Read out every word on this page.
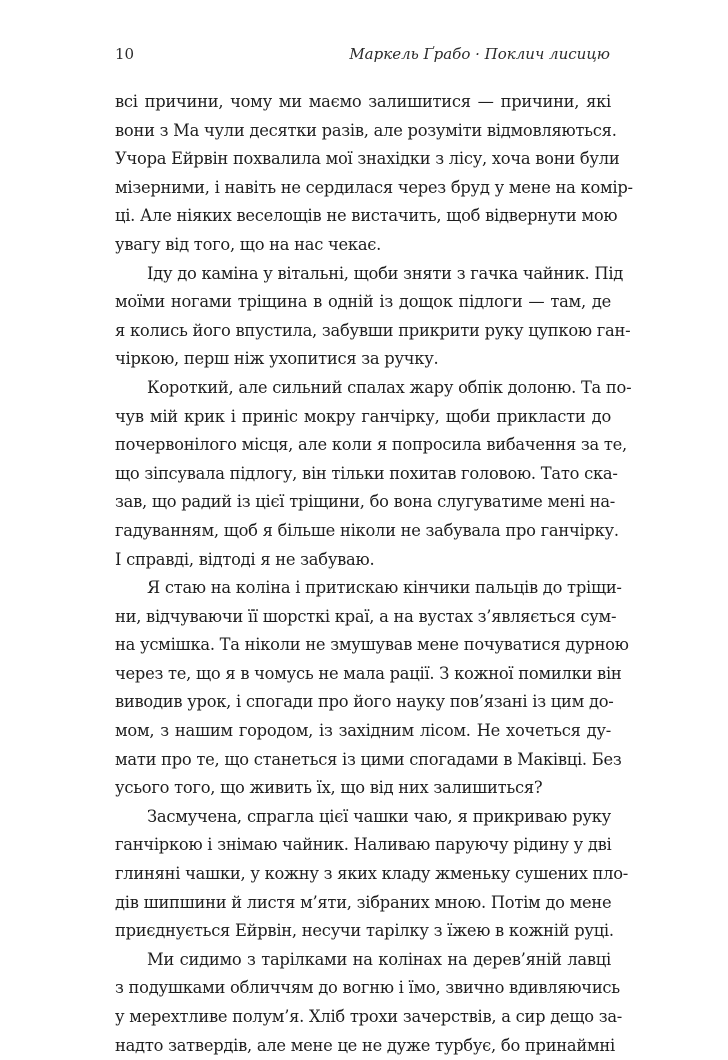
10	Маркель Ґрабо · Поклич лисицю

всі причини, чому ми маємо залишитися — причини, які
вони з Ма чули десятки разів, але розуміти відмовляються.
Учора Ейрвін похвалила мої знахідки з лісу, хоча вони були
мізерними, і навіть не сердилася через бруд у мене на комір-
ці. Але ніяких веселощів не вистачить, щоб відвернути мою
увагу від того, що на нас чекає.

Іду до каміна у вітальні, щоби зняти з гачка чайник. Під
моїми ногами тріщина в одній із дощок підлоги — там, де
я колись його впустила, забувши прикрити руку цупкою ган-
чіркою, перш ніж ухопитися за ручку.

Короткий, але сильний спалах жару обпік долоню. Та по-
чув мій крик і приніс мокру ганчірку, щоби прикласти до
почервонілого місця, але коли я попросила вибачення за те,
що зіпсувала підлогу, він тільки похитав головою. Тато ска-
зав, що радий із цієї тріщини, бо вона слугуватиме мені на-
гадуванням, щоб я більше ніколи не забувала про ганчірку.
І справді, відтоді я не забуваю.

Я стаю на коліна і притискаю кінчики пальців до тріщи-
ни, відчуваючи її шорсткі краї, а на вустах з’являється сум-
на усмішка. Та ніколи не змушував мене почуватися дурною
через те, що я в чомусь не мала рації. З кожної помилки він
виводив урок, і спогади про його науку пов’язані із цим до-
мом, з нашим городом, із західним лісом. Не хочеться ду-
мати про те, що станеться із цими спогадами в Маківці. Без
усього того, що живить їх, що від них залишиться?

Засмучена, спрагла цієї чашки чаю, я прикриваю руку
ганчіркою і знімаю чайник. Наливаю паруючу рідину у дві
глиняні чашки, у кожну з яких кладу жменьку сушених пло-
дів шипшини й листя м’яти, зібраних мною. Потім до мене
приєднується Ейрвін, несучи тарілку з їжею в кожній руці.

Ми сидимо з тарілками на колінах на дерев’яній лавці
з подушками обличчям до вогню і їмо, звично вдивляючись
у мерехтливе полум’я. Хліб трохи зачерствів, а сир дещо за-
надто затвердів, але мене це не дуже турбує, бо принаймні
